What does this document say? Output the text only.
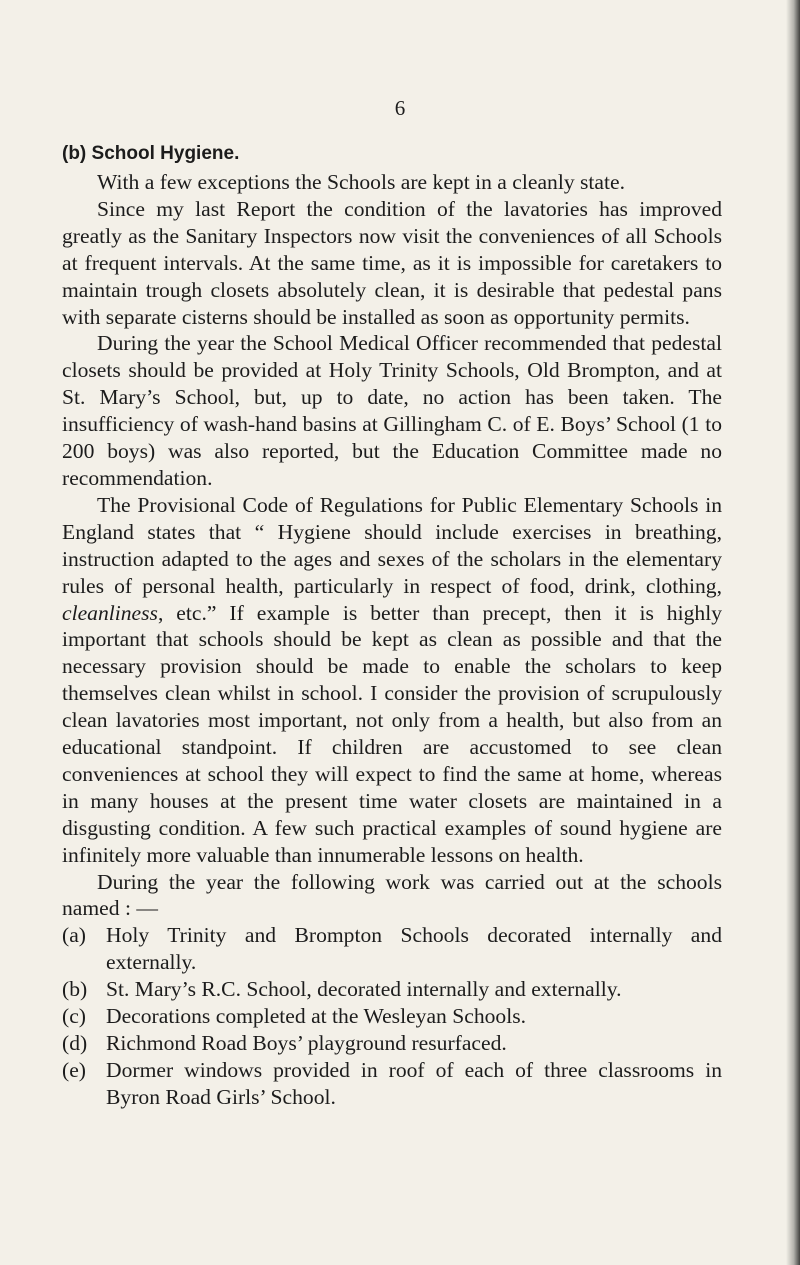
6
(b) School Hygiene.

With a few exceptions the Schools are kept in a cleanly state.

Since my last Report the condition of the lavatories has improved greatly as the Sanitary Inspectors now visit the conveniences of all Schools at frequent intervals. At the same time, as it is impossible for caretakers to maintain trough closets absolutely clean, it is desirable that pedestal pans with separate cisterns should be installed as soon as opportunity permits.

During the year the School Medical Officer recommended that pedestal closets should be provided at Holy Trinity Schools, Old Brompton, and at St. Mary’s School, but, up to date, no action has been taken. The insufficiency of wash-hand basins at Gillingham C. of E. Boys’ School (1 to 200 boys) was also reported, but the Education Committee made no recommendation.

The Provisional Code of Regulations for Public Elementary Schools in England states that “ Hygiene should include exercises in breathing, instruction adapted to the ages and sexes of the scholars in the elementary rules of personal health, particularly in respect of food, drink, clothing, cleanliness, etc.” If example is better than precept, then it is highly important that schools should be kept as clean as possible and that the necessary provision should be made to enable the scholars to keep themselves clean whilst in school. I consider the provision of scrupulously clean lavatories most important, not only from a health, but also from an educational standpoint. If children are accustomed to see clean conveniences at school they will expect to find the same at home, whereas in many houses at the present time water closets are maintained in a disgusting condition. A few such practical examples of sound hygiene are infinitely more valuable than innumerable lessons on health.

During the year the following work was carried out at the schools named : —

(a) Holy Trinity and Brompton Schools decorated internally and externally.
(b) St. Mary’s R.C. School, decorated internally and externally.
(c) Decorations completed at the Wesleyan Schools.
(d) Richmond Road Boys’ playground resurfaced.
(e) Dormer windows provided in roof of each of three classrooms in Byron Road Girls’ School.
